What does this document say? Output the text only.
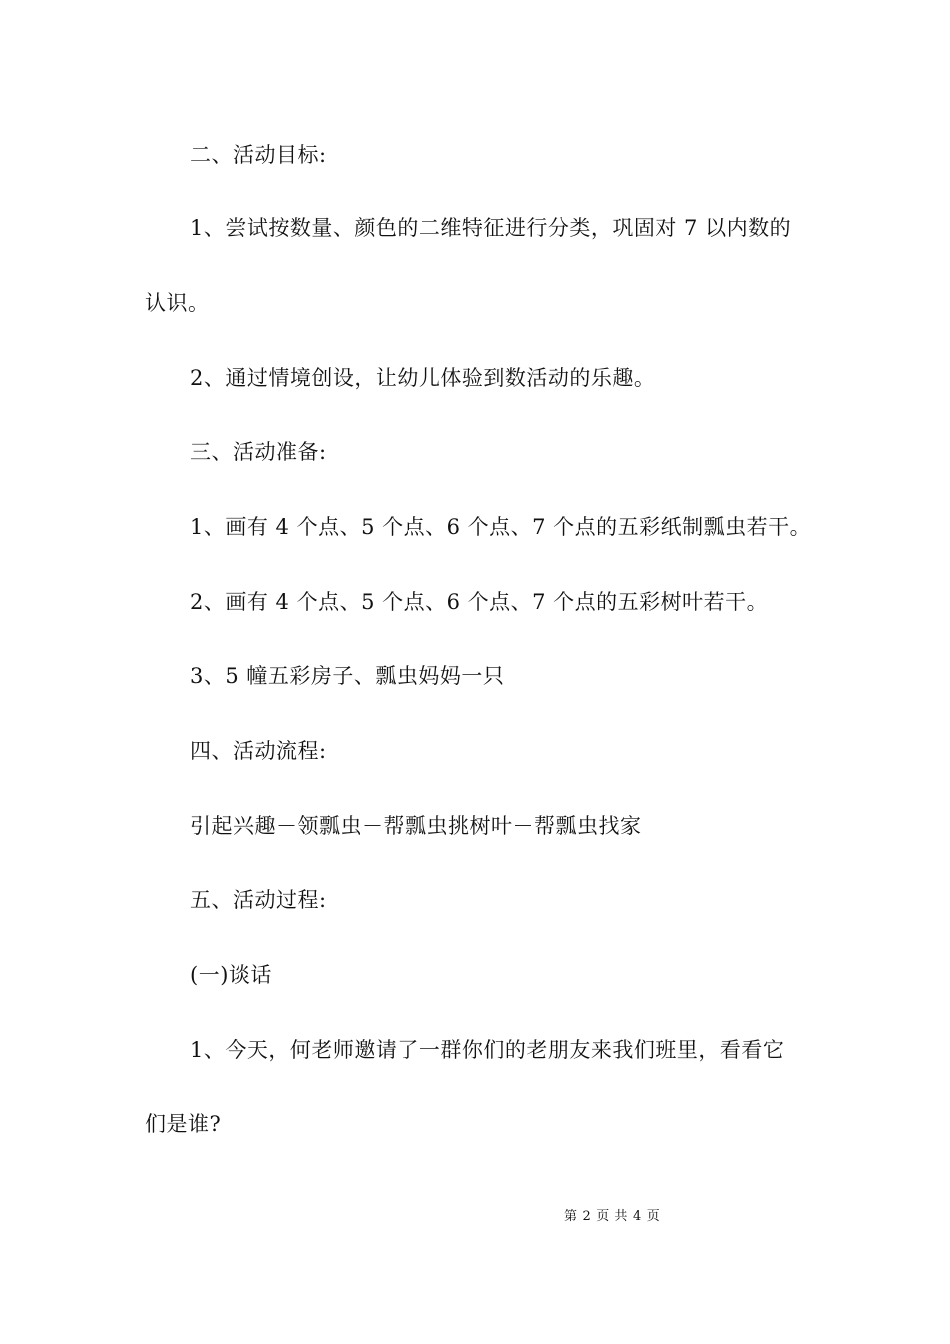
二、活动目标:
1、尝试按数量、颜色的二维特征进行分类，巩固对 7 以内数的
认识。
2、通过情境创设，让幼儿体验到数活动的乐趣。
三、活动准备:
1、画有 4 个点、5 个点、6 个点、7 个点的五彩纸制瓢虫若干。
2、画有 4 个点、5 个点、6 个点、7 个点的五彩树叶若干。
3、5 幢五彩房子、瓢虫妈妈一只
四、活动流程:
引起兴趣－领瓢虫－帮瓢虫挑树叶－帮瓢虫找家
五、活动过程:
(一)谈话
1、今天，何老师邀请了一群你们的老朋友来我们班里，看看它
们是谁?
第 2 页 共 4 页
